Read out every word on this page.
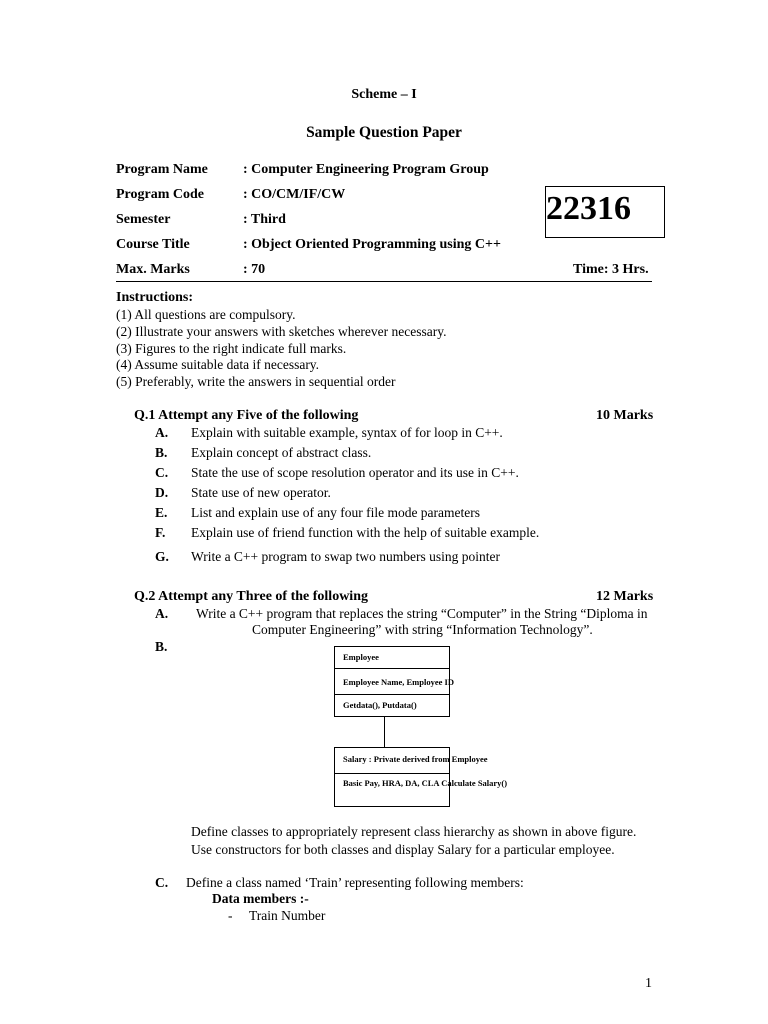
Scheme – I
Sample Question Paper
Program Name	: Computer Engineering Program Group
Program Code	: CO/CM/IF/CW
Semester	: Third
Course Title	: Object Oriented Programming using C++
Max. Marks	: 70	Time: 3 Hrs.
22316
Instructions:
(1) All questions are compulsory.
(2) Illustrate your answers with sketches wherever necessary.
(3) Figures to the right indicate full marks.
(4) Assume suitable data if necessary.
(5) Preferably, write the answers in sequential order
Q.1 Attempt any Five of the following	10 Marks
A. Explain with suitable example, syntax of for loop in C++.
B. Explain concept of abstract class.
C. State the use of scope resolution operator and its use in C++.
D. State use of new operator.
E. List and explain use of any four file mode parameters
F. Explain use of friend function with the help of suitable example.
G. Write a C++ program to swap two numbers using pointer
Q.2 Attempt any Three of the following	12 Marks
A. Write a C++ program that replaces the string “Computer” in the String “Diploma in
Computer Engineering” with string “Information Technology”.
B.
Employee
Employee Name, Employee ID
Getdata(), Putdata()
Salary : Private derived from Employee
Basic Pay, HRA, DA, CLA Calculate Salary()
Define classes to appropriately represent class hierarchy as shown in above figure.
Use constructors for both classes and display Salary for a particular employee.
C. Define a class named ‘Train’ representing following members:
Data members :-
- Train Number
1
